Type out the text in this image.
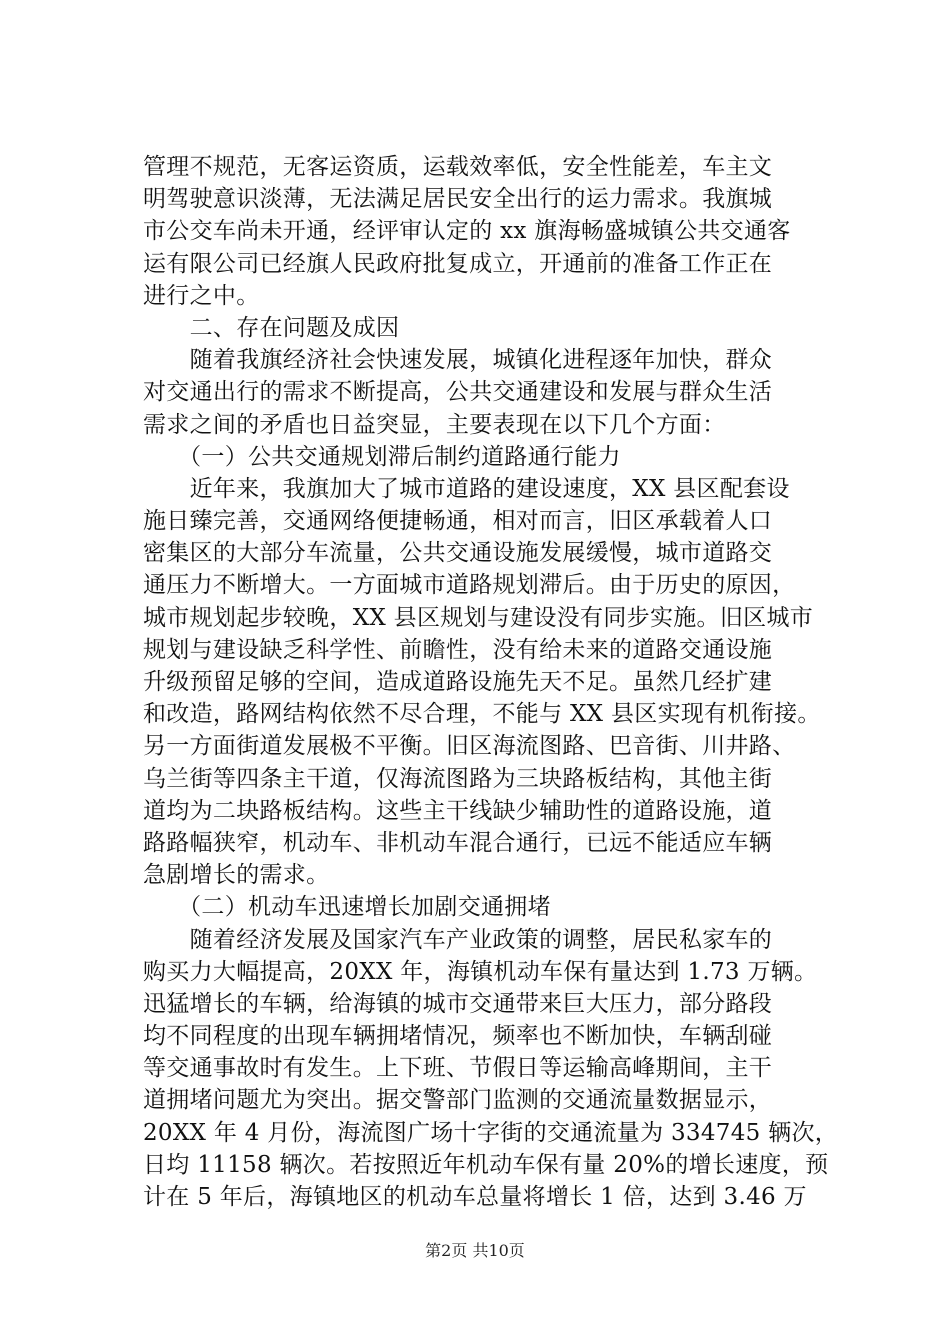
管理不规范，无客运资质，运载效率低，安全性能差，车主文
明驾驶意识淡薄，无法满足居民安全出行的运力需求。我旗城
市公交车尚未开通，经评审认定的 xx 旗海畅盛城镇公共交通客
运有限公司已经旗人民政府批复成立，开通前的准备工作正在
进行之中。
　　二、存在问题及成因
　　随着我旗经济社会快速发展，城镇化进程逐年加快，群众
对交通出行的需求不断提高，公共交通建设和发展与群众生活
需求之间的矛盾也日益突显，主要表现在以下几个方面：
　　（一）公共交通规划滞后制约道路通行能力
　　近年来，我旗加大了城市道路的建设速度，XX 县区配套设
施日臻完善，交通网络便捷畅通，相对而言，旧区承载着人口
密集区的大部分车流量，公共交通设施发展缓慢，城市道路交
通压力不断增大。一方面城市道路规划滞后。由于历史的原因，
城市规划起步较晚，XX 县区规划与建设没有同步实施。旧区城市
规划与建设缺乏科学性、前瞻性，没有给未来的道路交通设施
升级预留足够的空间，造成道路设施先天不足。虽然几经扩建
和改造，路网结构依然不尽合理，不能与 XX 县区实现有机衔接。
另一方面街道发展极不平衡。旧区海流图路、巴音街、川井路、
乌兰街等四条主干道，仅海流图路为三块路板结构，其他主街
道均为二块路板结构。这些主干线缺少辅助性的道路设施，道
路路幅狭窄，机动车、非机动车混合通行，已远不能适应车辆
急剧增长的需求。
　　（二）机动车迅速增长加剧交通拥堵
　　随着经济发展及国家汽车产业政策的调整，居民私家车的
购买力大幅提高，20XX 年，海镇机动车保有量达到 1.73 万辆。
迅猛增长的车辆，给海镇的城市交通带来巨大压力，部分路段
均不同程度的出现车辆拥堵情况，频率也不断加快，车辆刮碰
等交通事故时有发生。上下班、节假日等运输高峰期间，主干
道拥堵问题尤为突出。据交警部门监测的交通流量数据显示，
20XX 年 4 月份，海流图广场十字街的交通流量为 334745 辆次，
日均 11158 辆次。若按照近年机动车保有量 20%的增长速度，预
计在 5 年后，海镇地区的机动车总量将增长 1 倍，达到 3.46 万
第2页 共10页
